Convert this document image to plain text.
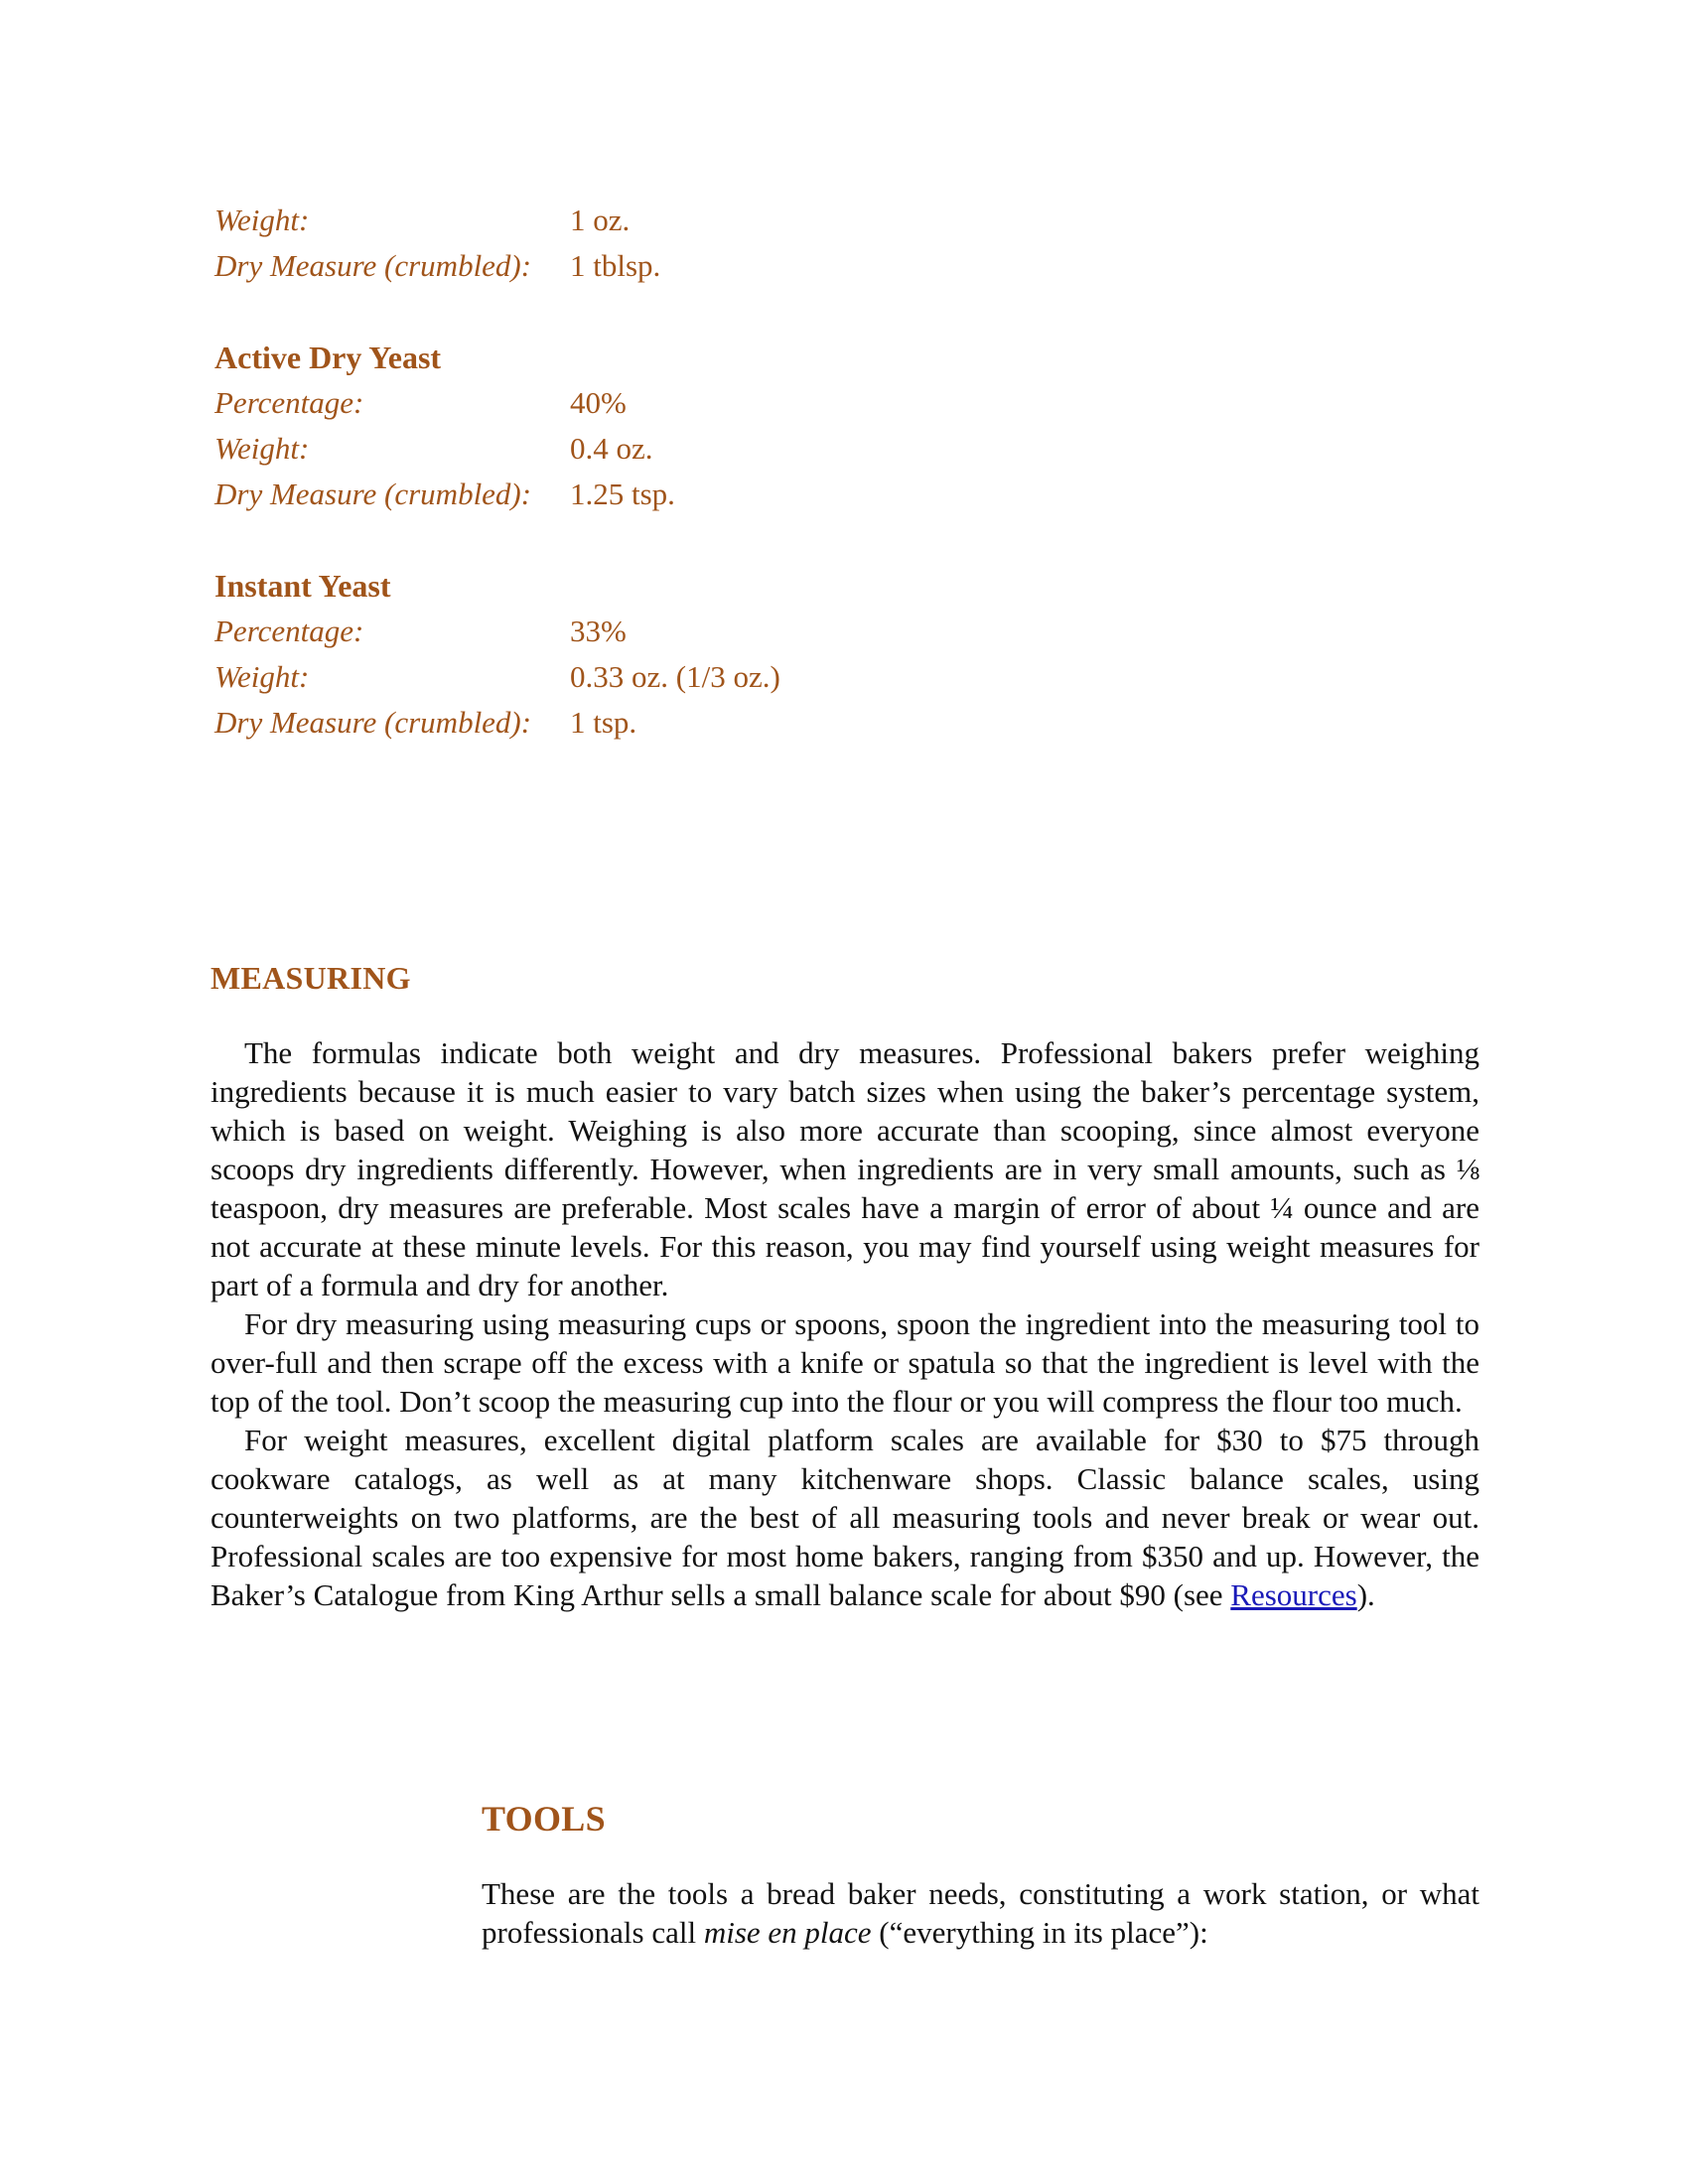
Weight:	1 oz.
Dry Measure (crumbled):	1 tblsp.
Active Dry Yeast
Percentage:	40%
Weight:	0.4 oz.
Dry Measure (crumbled):	1.25 tsp.
Instant Yeast
Percentage:	33%
Weight:	0.33 oz. (1/3 oz.)
Dry Measure (crumbled):	1 tsp.
MEASURING

The formulas indicate both weight and dry measures. Professional bakers prefer weighing ingredients because it is much easier to vary batch sizes when using the baker’s percentage system, which is based on weight. Weighing is also more accurate than scooping, since almost everyone scoops dry ingredients differently. However, when ingredients are in very small amounts, such as ⅛ teaspoon, dry measures are preferable. Most scales have a margin of error of about ¼ ounce and are not accurate at these minute levels. For this reason, you may find yourself using weight measures for part of a formula and dry for another.

For dry measuring using measuring cups or spoons, spoon the ingredient into the measuring tool to over-full and then scrape off the excess with a knife or spatula so that the ingredient is level with the top of the tool. Don’t scoop the measuring cup into the flour or you will compress the flour too much.

For weight measures, excellent digital platform scales are available for $30 to $75 through cookware catalogs, as well as at many kitchenware shops. Classic balance scales, using counterweights on two platforms, are the best of all measuring tools and never break or wear out. Professional scales are too expensive for most home bakers, ranging from $350 and up. However, the Baker’s Catalogue from King Arthur sells a small balance scale for about $90 (see Resources).

TOOLS

These are the tools a bread baker needs, constituting a work station, or what professionals call mise en place (“everything in its place”):
